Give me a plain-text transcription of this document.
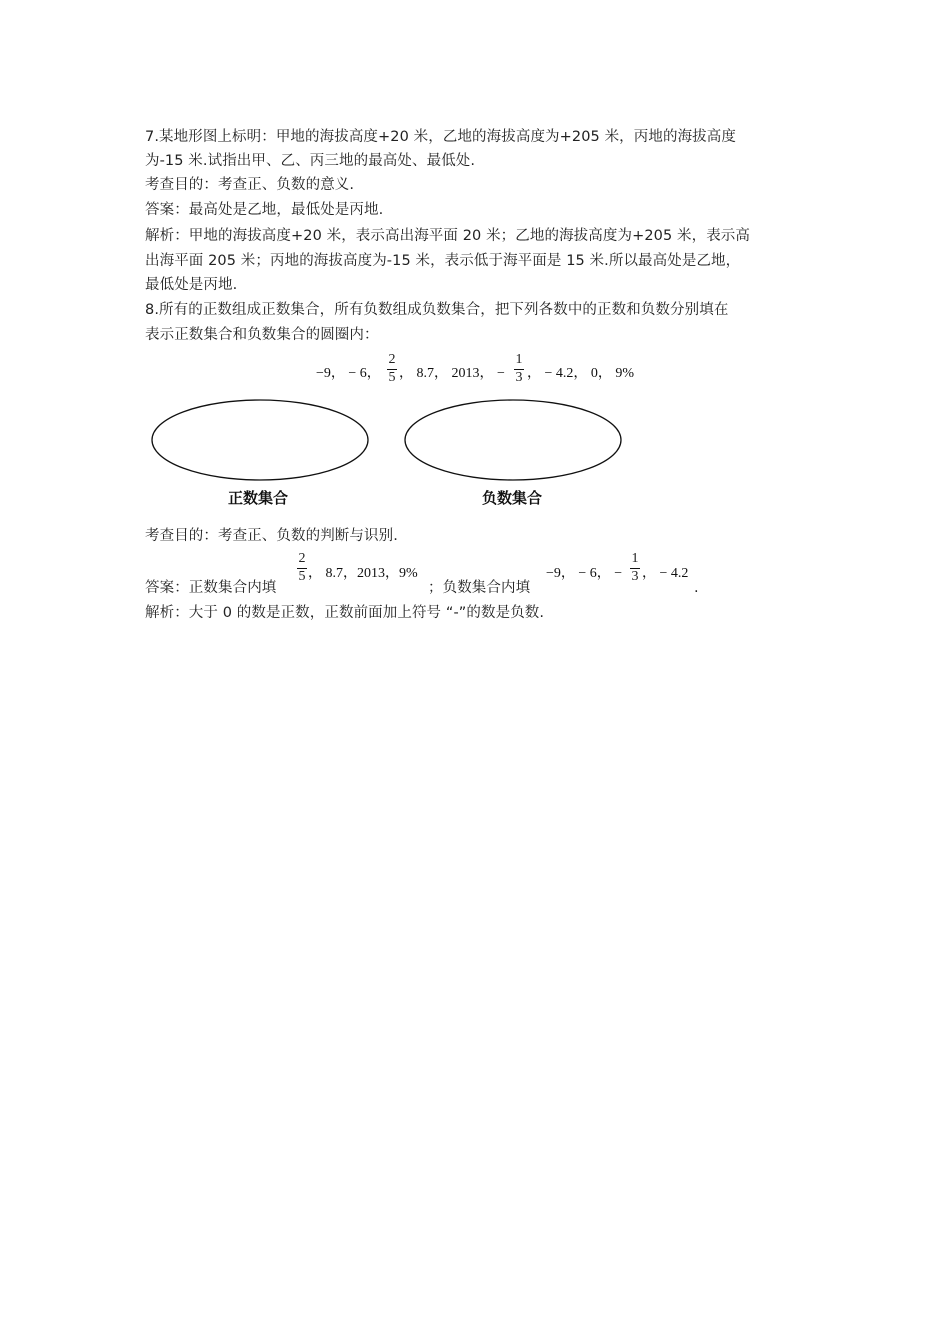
7.某地形图上标明：甲地的海拔高度+20 米，乙地的海拔高度为+205 米，丙地的海拔高度
为-15 米.试指出甲、乙、丙三地的最高处、最低处.
考查目的：考查正、负数的意义.
答案：最高处是乙地，最低处是丙地.
解析：甲地的海拔高度+20 米，表示高出海平面 20 米；乙地的海拔高度为+205 米，表示高
出海平面 205 米；丙地的海拔高度为-15 米，表示低于海平面是 15 米.所以最高处是乙地，
最低处是丙地.
8.所有的正数组成正数集合，所有负数组成负数集合，把下列各数中的正数和负数分别填在
表示正数集合和负数集合的圆圈内：
−9， − 6，
2
5 ， 8.7， 2013， −
1
3 ， − 4.2， 0， 9%
正数集合	负数集合
考查目的：考查正、负数的判断与识别.
答案：正数集合内填
2
5 ， 8.7，2013，9%
；负数集合内填
−9， − 6， −
1
3 ， − 4.2
.
解析：大于 0 的数是正数，正数前面加上符号 “-”的数是负数.
